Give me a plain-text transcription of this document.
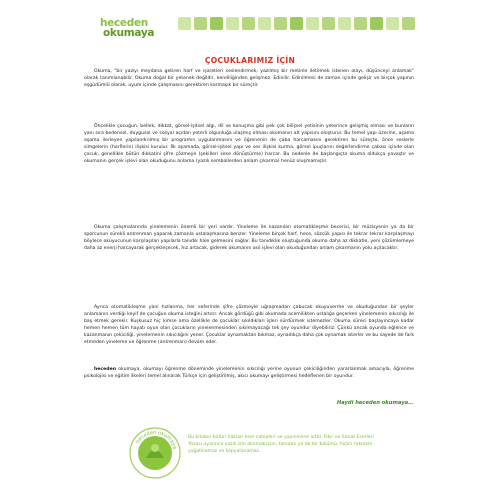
heceden
okumaya
ÇOCUKLARIMIZ İÇİN

Okuma, "bir yazıyı meydana getiren harf ve işaretleri seslendirmek, yazılmış bir metinle iletilmek istenen olayı, düşünceyi anlamak" olarak tanımlanabilir. Okuma doğal bir yetenek değildir, kendiliğinden gelişmez. Edinilir. Edinilmesi de zaman içinde gelişir ve birçok yapının eşgüdümlü olarak, uyum içinde çalışmasını gerektiren karmaşık bir süreçtir.

Öncelikle çocuğun, bellek, dikkat, görsel-işitsel algı, dil ve konuşma gibi pek çok bilişsel yetisinin yeterince gelişmiş olması ve bunların yanı sıra bedensel, duygusal ve sosyal açıdan yeterli olgunluğa ulaşmış olması okumanın alt yapısını oluşturur. Bu temel yapı üzerine, aşama aşama ilerleyen yapılandırılmış bir programın uygulanmasını ve öğrenenin de çaba harcamasını gerektiren bu süreçte, önce seslerle simgelerin (harflerin) ilişkisi kurulur. İlk aşamada, görsel-işitsel yapı ve ses ilişkisi kurma, görsel ipuçlarını değerlendirme çabası içinde olan çocuk, genellikle bütün dikkatini şifre çözmeye (şekilleri sese dönüştürme) harcar. Bu nedenle de başlangıçta okuma oldukça yavaştır ve okumanın gerçek işlevi olan okuduğunu anlama (yazılı sembollerden anlam çıkarma) henüz oluşmamıştır.

Okuma çalışmalarında yinelemenin önemli bir yeri vardır. Yineleme ile kazanılan otomatikleşme becerisi, bir müzisyenin ya da bir sporcunun sürekli antrenman yaparak zamanla ustalaşmasına benzer. Yineleme birçok harf, hece, sözcük yapısı ile tekrar tekrar karşılaşmayı böylece okuyucunun karşılaşılan yapılarla tanıdık hale gelmesini sağlar. Bu tanıdıklık oluştuğunda okuma daha az dikkatle, yeni çözümlemeye daha az enerji harcayarak gerçekleşecek, hız artacak, giderek okumanın asıl işlevi olan okuduğundan anlam çıkarmanın yolu açılacaktır.

Ayrıca otomatikleşme yani hızlanma, her seferinde şifre çözmeyle uğraşmadan çabucak okuyuverme ve okuduğundan bir şeyler anlamanın verdiği keyif de çocuğun okuma isteğini artırır. Ancak gördüğü gibi okumada acemilikten ustalığa geçerken yinelemenin sıkıcılığı ile baş etmek gerekir. Kuşkusuz hiç kimse ama özellikle de çocuklar sıkıldıkları işleri sürdürmek istemezler. Okuma süreci başlayıncaya kadar hemen hemen tüm hayatı oyun olan çocukların yinelenmesinden sıkılmayacağı tek şey oyundur diyebiliriz. Çünkü ancak oyunda eğlence ve kazanmanın çekiciliği, yinelemenin sıkıcılığını yener. Çocuklar oynamaktan bıkmaz, oynadıkça daha çok oynamak isterler ve bu sayede de fark etmeden yineleme ve öğrenme (antrenman) devam eder.

heceden okumaya, okumayı öğrenme döneminde yinelemenin sıkıcılığı yerine oyunun çekiciliğinden yararlanmak amacıyla, öğrenme psikolojisi ve eğitim ilkeleri temel alınarak Türkçe için geliştirilmiş, akıcı okumayı geliştirmesi hedeflenen bir oyundur.

Haydi heceden okumaya...
heceden okumaya
Bu kitabın bütün hakları eser sahipleri ve yayınevine aittir. Fikir ve Sanat Eserleri Yasası uyarınca yazılı izin alınmaksızın, tamamı ya da bir bölümü, hiçbir teknikle çoğaltılamaz ve kopyalanamaz.
